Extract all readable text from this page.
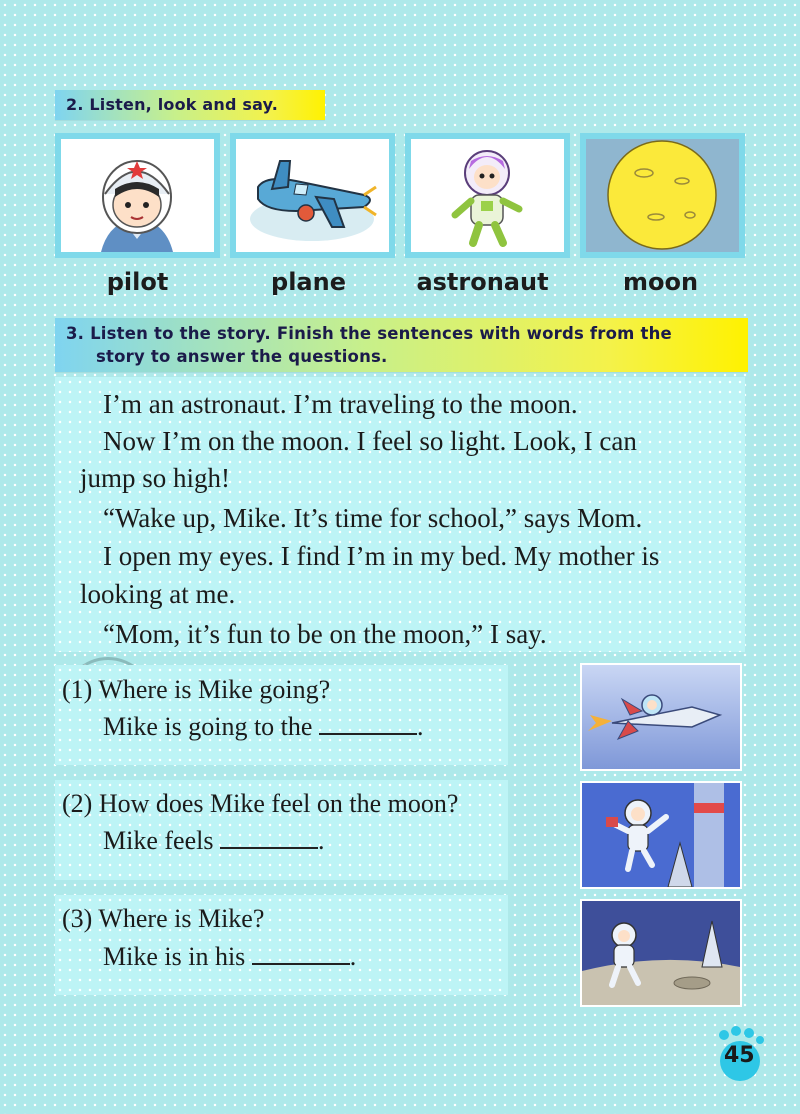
2. Listen, look and say.
pilot	plane	astronaut	moon
3. Listen to the story. Finish the sentences with words from the
story to answer the questions.
I’m an astronaut. I’m traveling to the moon.
Now I’m on the moon. I feel so light. Look, I can
jump so high!
“Wake up, Mike. It’s time for school,” says Mom.
I open my eyes. I find I’m in my bed. My mother is
looking at me.
“Mom, it’s fun to be on the moon,” I say.
(1) Where is Mike going?
Mike is going to the	.
(2) How does Mike feel on the moon?
Mike feels	.
(3) Where is Mike?
Mike is in his	.
45
